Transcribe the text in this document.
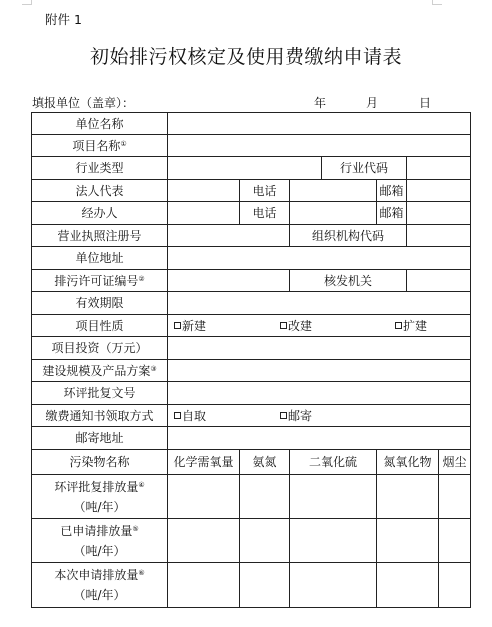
附件 1
初始排污权核定及使用费缴纳申请表
填报单位（盖章）：	年	月	日
单位名称							
项目名称①	
行业类型				行业代码			
法人代表		电话			邮箱		
经办人		电话			邮箱		
营业执照注册号			组织机构代码				
单位地址							
排污许可证编号②			核发机关				
有效期限							
项目性质	新建 改建 扩建						
项目投资（万元）							
建设规模及产品方案③	
环评批复文号							
缴费通知书领取方式	自取 邮寄						
邮寄地址							
污染物名称	化学需氧量	氨氮	二氧化硫		氮氧化物		烟尘

环评批复排放量④
（吨/年）							

已申请排放量⑤
（吨/年）							

本次申请排放量⑥
（吨/年）							
